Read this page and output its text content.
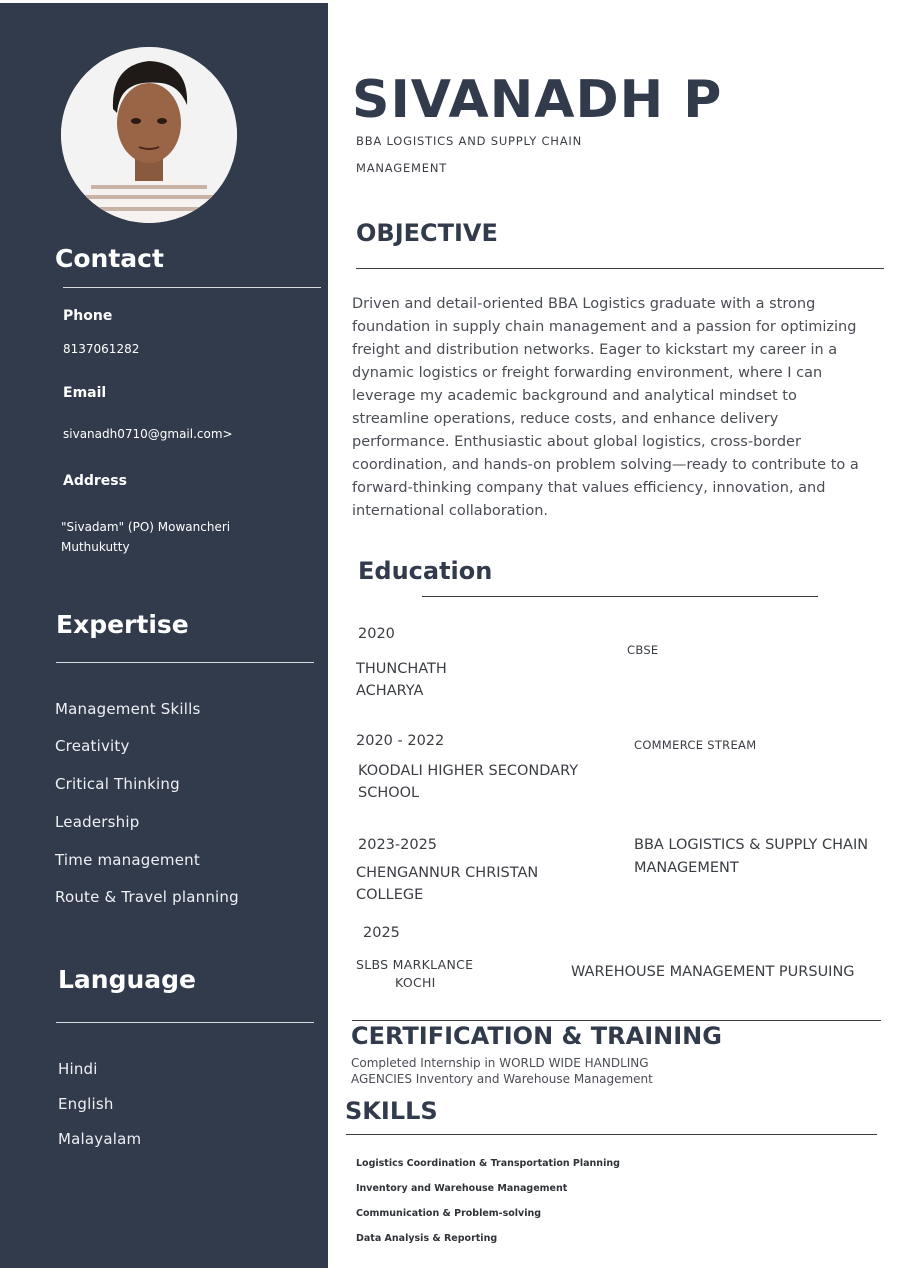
Contact
Phone
8137061282
Email
sivanadh0710@gmail.com>
Address
"Sivadam" (PO) Mowancheri
Muthukutty
Expertise
Management Skills
Creativity
Critical Thinking
Leadership
Time management
Route & Travel planning
Language
Hindi
English
Malayalam
SIVANADH P
BBA LOGISTICS AND SUPPLY CHAIN
MANAGEMENT
OBJECTIVE
Driven and detail-oriented BBA Logistics graduate with a strong
foundation in supply chain management and a passion for optimizing
freight and distribution networks. Eager to kickstart my career in a
dynamic logistics or freight forwarding environment, where I can
leverage my academic background and analytical mindset to
streamline operations, reduce costs, and enhance delivery
performance. Enthusiastic about global logistics, cross-border
coordination, and hands-on problem solving—ready to contribute to a
forward-thinking company that values efficiency, innovation, and
international collaboration.
Education
2020
THUNCHATH
ACHARYA
CBSE
2020 - 2022
KOODALI HIGHER SECONDARY
SCHOOL
COMMERCE STREAM
2023-2025
CHENGANNUR CHRISTAN
COLLEGE
BBA LOGISTICS & SUPPLY CHAIN
MANAGEMENT
2025
SLBS MARKLANCE
KOCHI
WAREHOUSE MANAGEMENT PURSUING
CERTIFICATION & TRAINING
Completed Internship in WORLD WIDE HANDLING
AGENCIES Inventory and Warehouse Management
SKILLS
Logistics Coordination & Transportation Planning
Inventory and Warehouse Management
Communication & Problem-solving
Data Analysis & Reporting
